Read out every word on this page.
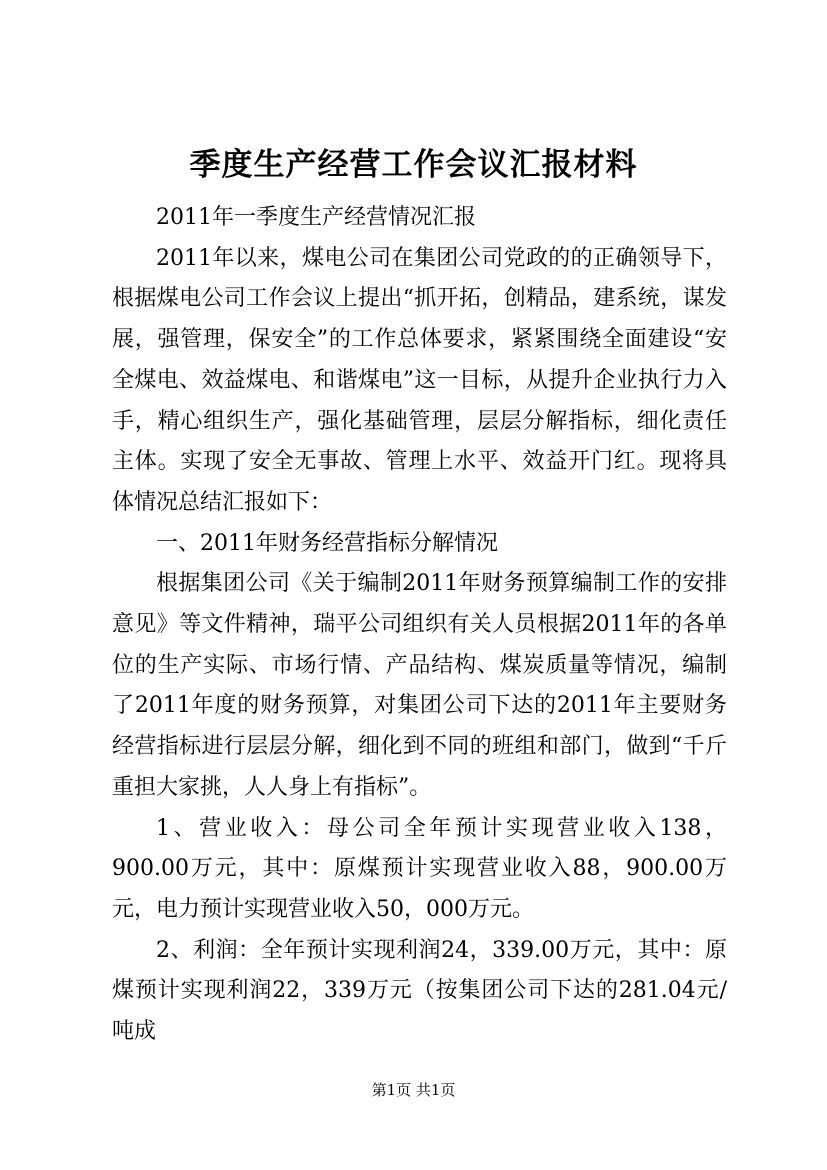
季度生产经营工作会议汇报材料

2011年一季度生产经营情况汇报

2011年以来，煤电公司在集团公司党政的的正确领导下，根据煤电公司工作会议上提出“抓开拓，创精品，建系统，谋发展，强管理，保安全”的工作总体要求，紧紧围绕全面建设“安全煤电、效益煤电、和谐煤电”这一目标，从提升企业执行力入手，精心组织生产，强化基础管理，层层分解指标，细化责任主体。实现了安全无事故、管理上水平、效益开门红。现将具体情况总结汇报如下：

一、2011年财务经营指标分解情况

根据集团公司《关于编制2011年财务预算编制工作的安排意见》等文件精神，瑞平公司组织有关人员根据2011年的各单位的生产实际、市场行情、产品结构、煤炭质量等情况，编制了2011年度的财务预算，对集团公司下达的2011年主要财务经营指标进行层层分解，细化到不同的班组和部门，做到“千斤重担大家挑，人人身上有指标”。

1、营业收入：母公司全年预计实现营业收入138，900.00万元，其中：原煤预计实现营业收入88，900.00万元，电力预计实现营业收入50，000万元。

2、利润：全年预计实现利润24，339.00万元，其中：原煤预计实现利润22，339万元（按集团公司下达的281.04元/吨成

第1页 共1页
